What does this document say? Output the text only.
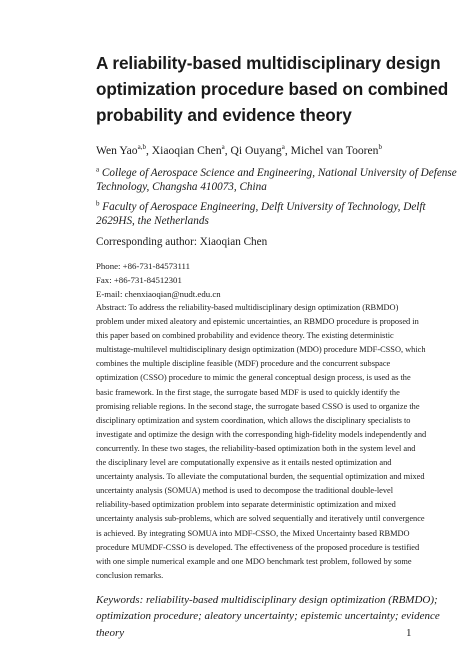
A reliability-based multidisciplinary design
optimization procedure based on combined
probability and evidence theory
Wen Yao$^{a,b}$, Xiaoqian Chen$^a$, Qi Ouyang$^a$, Michel van Tooren$^b$
$^a$ College of Aerospace Science and Engineering, National University of Defense
Technology, Changsha 410073, China
$^b$ Faculty of Aerospace Engineering, Delft University of Technology, Delft
2629HS, the Netherlands
Corresponding author: Xiaoqian Chen
Phone: +86-731-84573111
Fax: +86-731-84512301
E-mail: chenxiaoqian@nudt.edu.cn
Abstract: To address the reliability-based multidisciplinary design optimization (RBMDO)
problem under mixed aleatory and epistemic uncertainties, an RBMDO procedure is proposed in
this paper based on combined probability and evidence theory. The existing deterministic
multistage-multilevel multidisciplinary design optimization (MDO) procedure MDF-CSSO, which
combines the multiple discipline feasible (MDF) procedure and the concurrent subspace
optimization (CSSO) procedure to mimic the general conceptual design process, is used as the
basic framework. In the first stage, the surrogate based MDF is used to quickly identify the
promising reliable regions. In the second stage, the surrogate based CSSO is used to organize the
disciplinary optimization and system coordination, which allows the disciplinary specialists to
investigate and optimize the design with the corresponding high-fidelity models independently and
concurrently. In these two stages, the reliability-based optimization both in the system level and
the disciplinary level are computationally expensive as it entails nested optimization and
uncertainty analysis. To alleviate the computational burden, the sequential optimization and mixed
uncertainty analysis (SOMUA) method is used to decompose the traditional double-level
reliability-based optimization problem into separate deterministic optimization and mixed
uncertainty analysis sub-problems, which are solved sequentially and iteratively until convergence
is achieved. By integrating SOMUA into MDF-CSSO, the Mixed Uncertainty based RBMDO
procedure MUMDF-CSSO is developed. The effectiveness of the proposed procedure is testified
with one simple numerical example and one MDO benchmark test problem, followed by some
conclusion remarks.
Keywords: reliability-based multidisciplinary design optimization (RBMDO);
optimization procedure; aleatory uncertainty; epistemic uncertainty; evidence
theory	1
